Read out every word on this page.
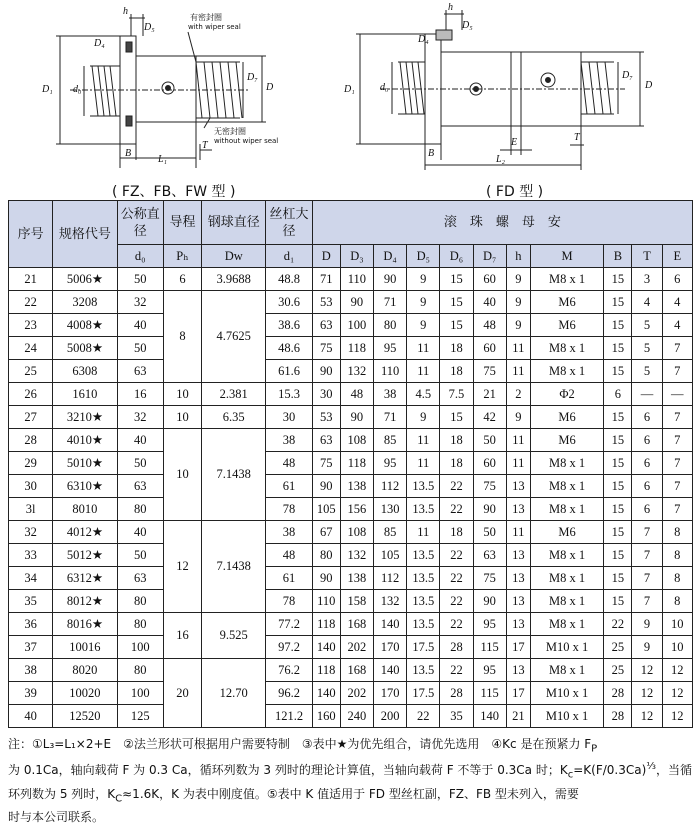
h
D₅
D₄
D₁ d₀
D₇
D
B
L₁
T
有密封圈
with wiper seal
无密封圈
without wiper seal
h
D₅
D₄
D₁	d₀
D₇
D
B
E
L₂
T
( FZ、FB、FW 型 )	( FD 型 )
序号	规格代号	公称直径	导程	钢球直径	丝杠大径	滚　珠　螺　母　安										
		d₀	Pₕ	Dw	d₁	D	D₃	D₄	D₅	D₆	D₇	h	M	B	T	E
21	5006★	50	6	3.9688	48.8	71	110	90	9	15	60	9	M8 x 1	15	3	6
22	3208	32	8	4.7625	30.6	53	90	71	9	15	40	9	M6	15	4	4
23	4008★	40			38.6	63	100	80	9	15	48	9	M6	15	5	4
24	5008★	50			48.6	75	118	95	11	18	60	11	M8 x 1	15	5	7
25	6308	63			61.6	90	132	110	11	18	75	11	M8 x 1	15	5	7
26	1610	16	10	2.381	15.3	30	48	38	4.5	7.5	21	2	Φ2	6	—	—
27	3210★	32	10	6.35	30	53	90	71	9	15	42	9	M6	15	6	7
28	4010★	40	10	7.1438	38	63	108	85	11	18	50	11	M6	15	6	7
29	5010★	50			48	75	118	95	11	18	60	11	M8 x 1	15	6	7
30	6310★	63			61	90	138	112	13.5	22	75	13	M8 x 1	15	6	7
3l	8010	80			78	105	156	130	13.5	22	90	13	M8 x 1	15	6	7
32	4012★	40	12	7.1438	38	67	108	85	11	18	50	11	M6	15	7	8
33	5012★	50			48	80	132	105	13.5	22	63	13	M8 x 1	15	7	8
34	6312★	63			61	90	138	112	13.5	22	75	13	M8 x 1	15	7	8
35	8012★	80			78	110	158	132	13.5	22	90	13	M8 x 1	15	7	8
36	8016★	80	16	9.525	77.2	118	168	140	13.5	22	95	13	M8 x 1	22	9	10
37	10016	100			97.2	140	202	170	17.5	28	115	17	M10 x 1	25	9	10
38	8020	80	20	12.70	76.2	118	168	140	13.5	22	95	13	M8 x 1	25	12	12
39	10020	100			96.2	140	202	170	17.5	28	115	17	M10 x 1	28	12	12
40	12520	125			121.2	160	240	200	22	35	140	21	M10 x 1	28	12	12
注：①L₃=L₁×2+E　②法兰形状可根据用户需要特制　③表中★为优先组合，请优先选用　④Kc 是在预紧力 $F_P$
为 0.1Ca，轴向载荷 F 为 0.3 Ca，循环列数为 3 列时的理论计算值，当轴向载荷 F 不等于 0.3Ca 时；$K_c=K(F/0.3Ca)^{\frac{1}{3}}$，当循环列数为 5 列时，$K_C\approx 1.6K$，K 为表中刚度值。⑤表中 K 值适用于 FD 型丝杠副，FZ、FB 型未列入，需要
时与本公司联系。
